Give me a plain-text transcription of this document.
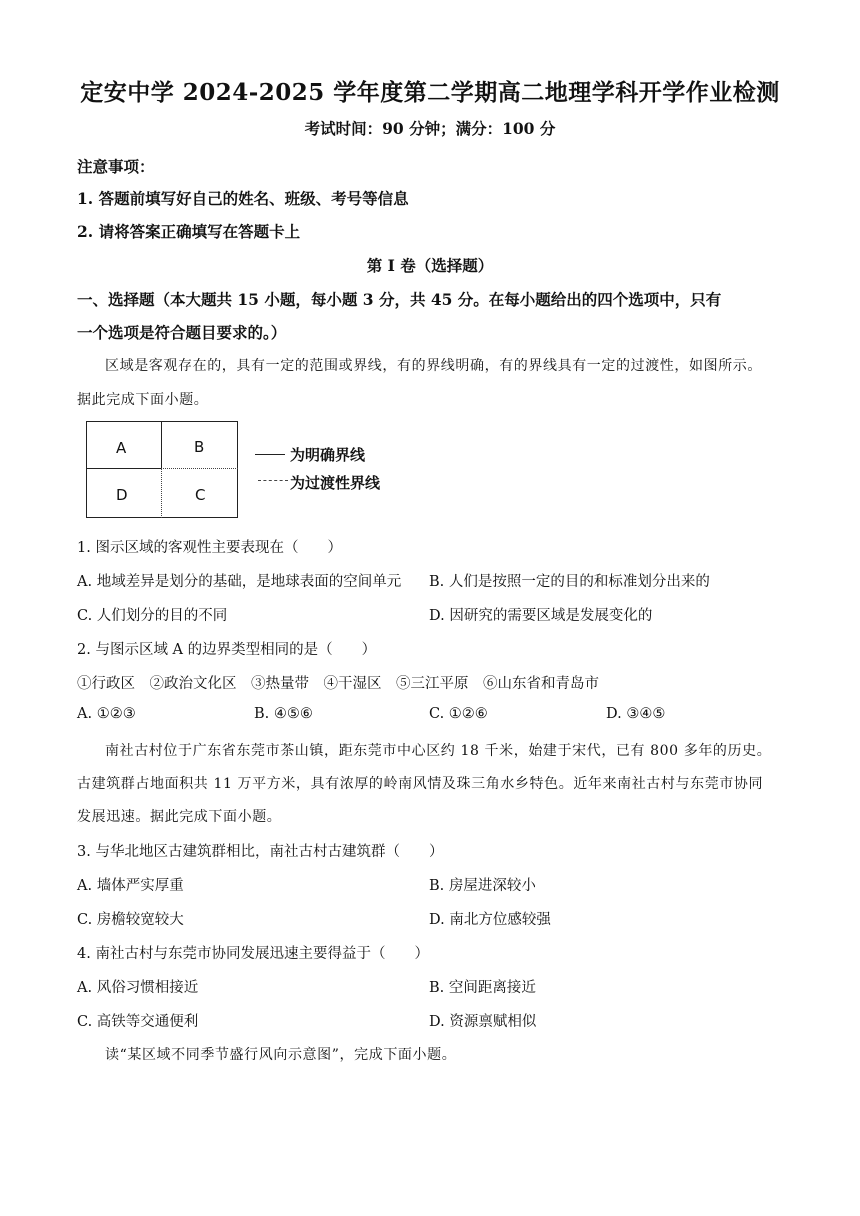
定安中学 2024-2025 学年度第二学期高二地理学科开学作业检测
考试时间：90 分钟；满分：100 分
注意事项：
1. 答题前填写好自己的姓名、班级、考号等信息
2. 请将答案正确填写在答题卡上
第 I 卷（选择题）
一、选择题（本大题共 15 小题，每小题 3 分，共 45 分。在每小题给出的四个选项中，只有
一个选项是符合题目要求的。）
区域是客观存在的，具有一定的范围或界线，有的界线明确，有的界线具有一定的过渡性，如图所示。
据此完成下面小题。
A	B
D	C
为明确界线
为过渡性界线
1. 图示区域的客观性主要表现在（　　）
A. 地域差异是划分的基础，是地球表面的空间单元 B. 人们是按照一定的目的和标准划分出来的
C. 人们划分的目的不同	D. 因研究的需要区域是发展变化的
2. 与图示区域 A 的边界类型相同的是（　　）
①行政区　②政治文化区　③热量带　④干湿区　⑤三江平原　⑥山东省和青岛市
A. ①②③	B. ④⑤⑥	C. ①②⑥	D. ③④⑤
南社古村位于广东省东莞市茶山镇，距东莞市中心区约 18 千米，始建于宋代，已有 800 多年的历史。
古建筑群占地面积共 11 万平方米，具有浓厚的岭南风情及珠三角水乡特色。近年来南社古村与东莞市协同
发展迅速。据此完成下面小题。
3. 与华北地区古建筑群相比，南社古村古建筑群（　　）
A. 墙体严实厚重	B. 房屋进深较小
C. 房檐较宽较大	D. 南北方位感较强
4. 南社古村与东莞市协同发展迅速主要得益于（　　）
A. 风俗习惯相接近	B. 空间距离接近
C. 高铁等交通便利	D. 资源禀赋相似
读“某区域不同季节盛行风向示意图”，完成下面小题。
